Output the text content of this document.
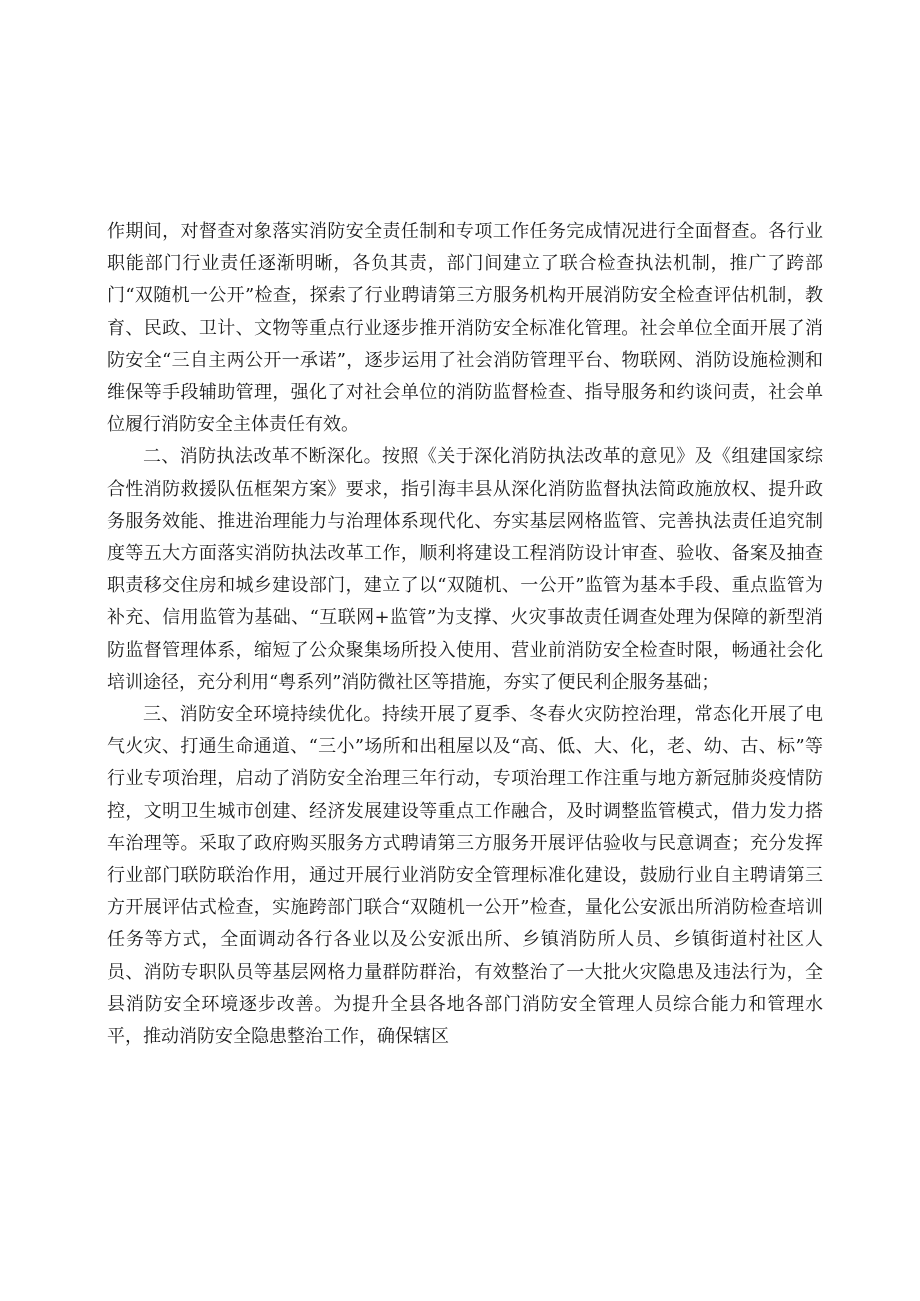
作期间，对督查对象落实消防安全责任制和专项工作任务完成情况进行全面督查。各行业职能部门行业责任逐渐明晰，各负其责，部门间建立了联合检查执法机制，推广了跨部门“双随机一公开”检查，探索了行业聘请第三方服务机构开展消防安全检查评估机制，教育、民政、卫计、文物等重点行业逐步推开消防安全标准化管理。社会单位全面开展了消防安全“三自主两公开一承诺”，逐步运用了社会消防管理平台、物联网、消防设施检测和维保等手段辅助管理，强化了对社会单位的消防监督检查、指导服务和约谈问责，社会单位履行消防安全主体责任有效。

二、消防执法改革不断深化。按照《关于深化消防执法改革的意见》及《组建国家综合性消防救援队伍框架方案》要求，指引海丰县从深化消防监督执法简政施放权、提升政务服务效能、推进治理能力与治理体系现代化、夯实基层网格监管、完善执法责任追究制度等五大方面落实消防执法改革工作，顺利将建设工程消防设计审查、验收、备案及抽查职责移交住房和城乡建设部门，建立了以“双随机、一公开”监管为基本手段、重点监管为补充、信用监管为基础、“互联网+监管”为支撑、火灾事故责任调查处理为保障的新型消防监督管理体系，缩短了公众聚集场所投入使用、营业前消防安全检查时限，畅通社会化培训途径，充分利用“粤系列”消防微社区等措施，夯实了便民利企服务基础；

三、消防安全环境持续优化。持续开展了夏季、冬春火灾防控治理，常态化开展了电气火灾、打通生命通道、“三小”场所和出租屋以及“高、低、大、化，老、幼、古、标”等行业专项治理，启动了消防安全治理三年行动，专项治理工作注重与地方新冠肺炎疫情防控，文明卫生城市创建、经济发展建设等重点工作融合，及时调整监管模式，借力发力搭车治理等。采取了政府购买服务方式聘请第三方服务开展评估验收与民意调查；充分发挥行业部门联防联治作用，通过开展行业消防安全管理标准化建设，鼓励行业自主聘请第三方开展评估式检查，实施跨部门联合“双随机一公开”检查，量化公安派出所消防检查培训任务等方式，全面调动各行各业以及公安派出所、乡镇消防所人员、乡镇街道村社区人员、消防专职队员等基层网格力量群防群治，有效整治了一大批火灾隐患及违法行为，全县消防安全环境逐步改善。为提升全县各地各部门消防安全管理人员综合能力和管理水平，推动消防安全隐患整治工作，确保辖区
